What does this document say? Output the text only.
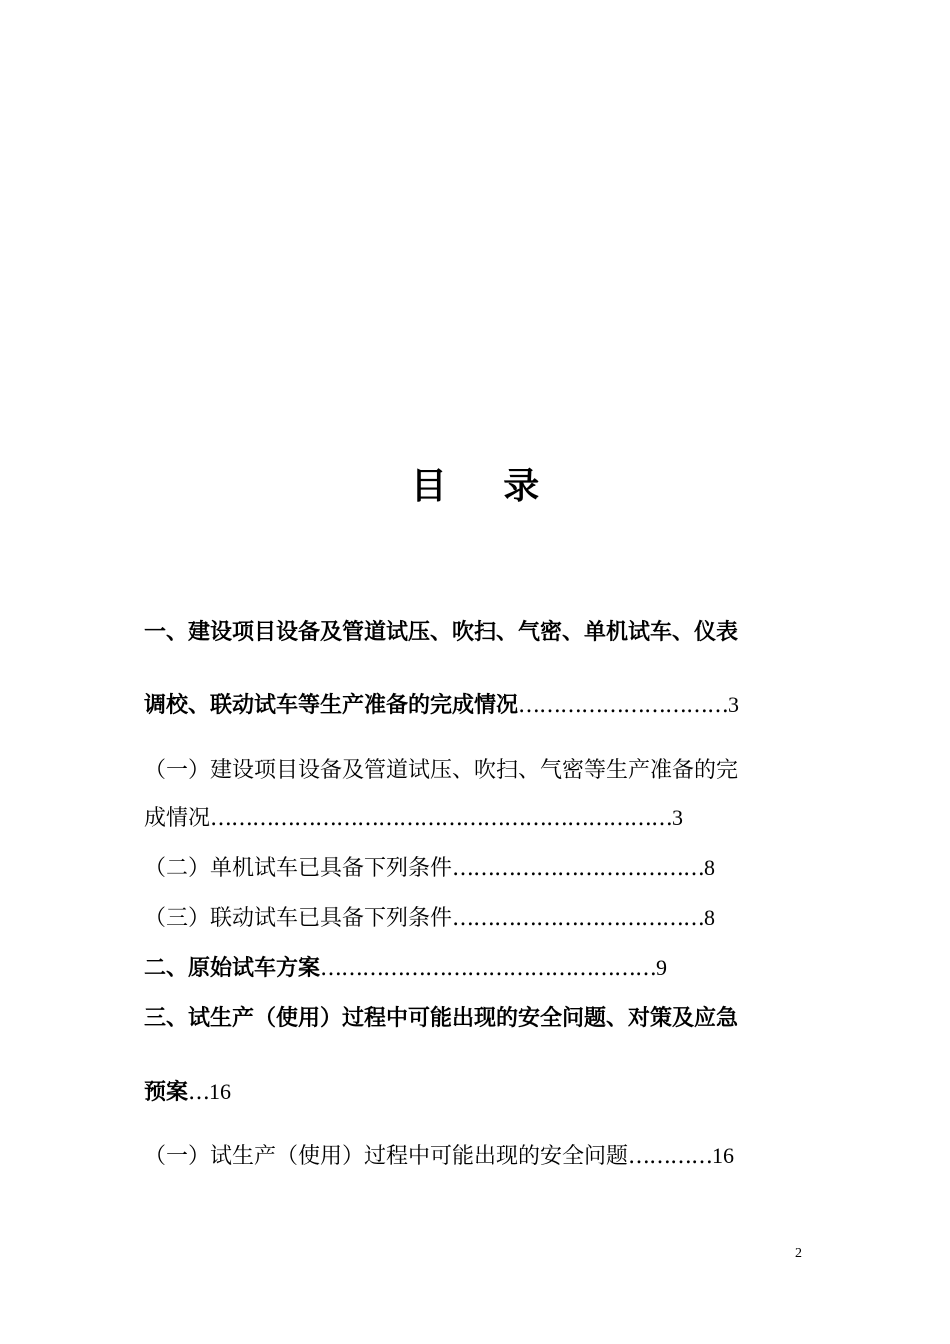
目 录
一、建设项目设备及管道试压、吹扫、气密、单机试车、仪表
调校、联动试车等生产准备的完成情况…………………………3
（一）建设项目设备及管道试压、吹扫、气密等生产准备的完
成情况…………………………………………………………3
（二）单机试车已具备下列条件………………………………8
（三）联动试车已具备下列条件………………………………8
二、原始试车方案…………………………………………9
三、试生产（使用）过程中可能出现的安全问题、对策及应急
预案…16
（一）试生产（使用）过程中可能出现的安全问题…………16
2
